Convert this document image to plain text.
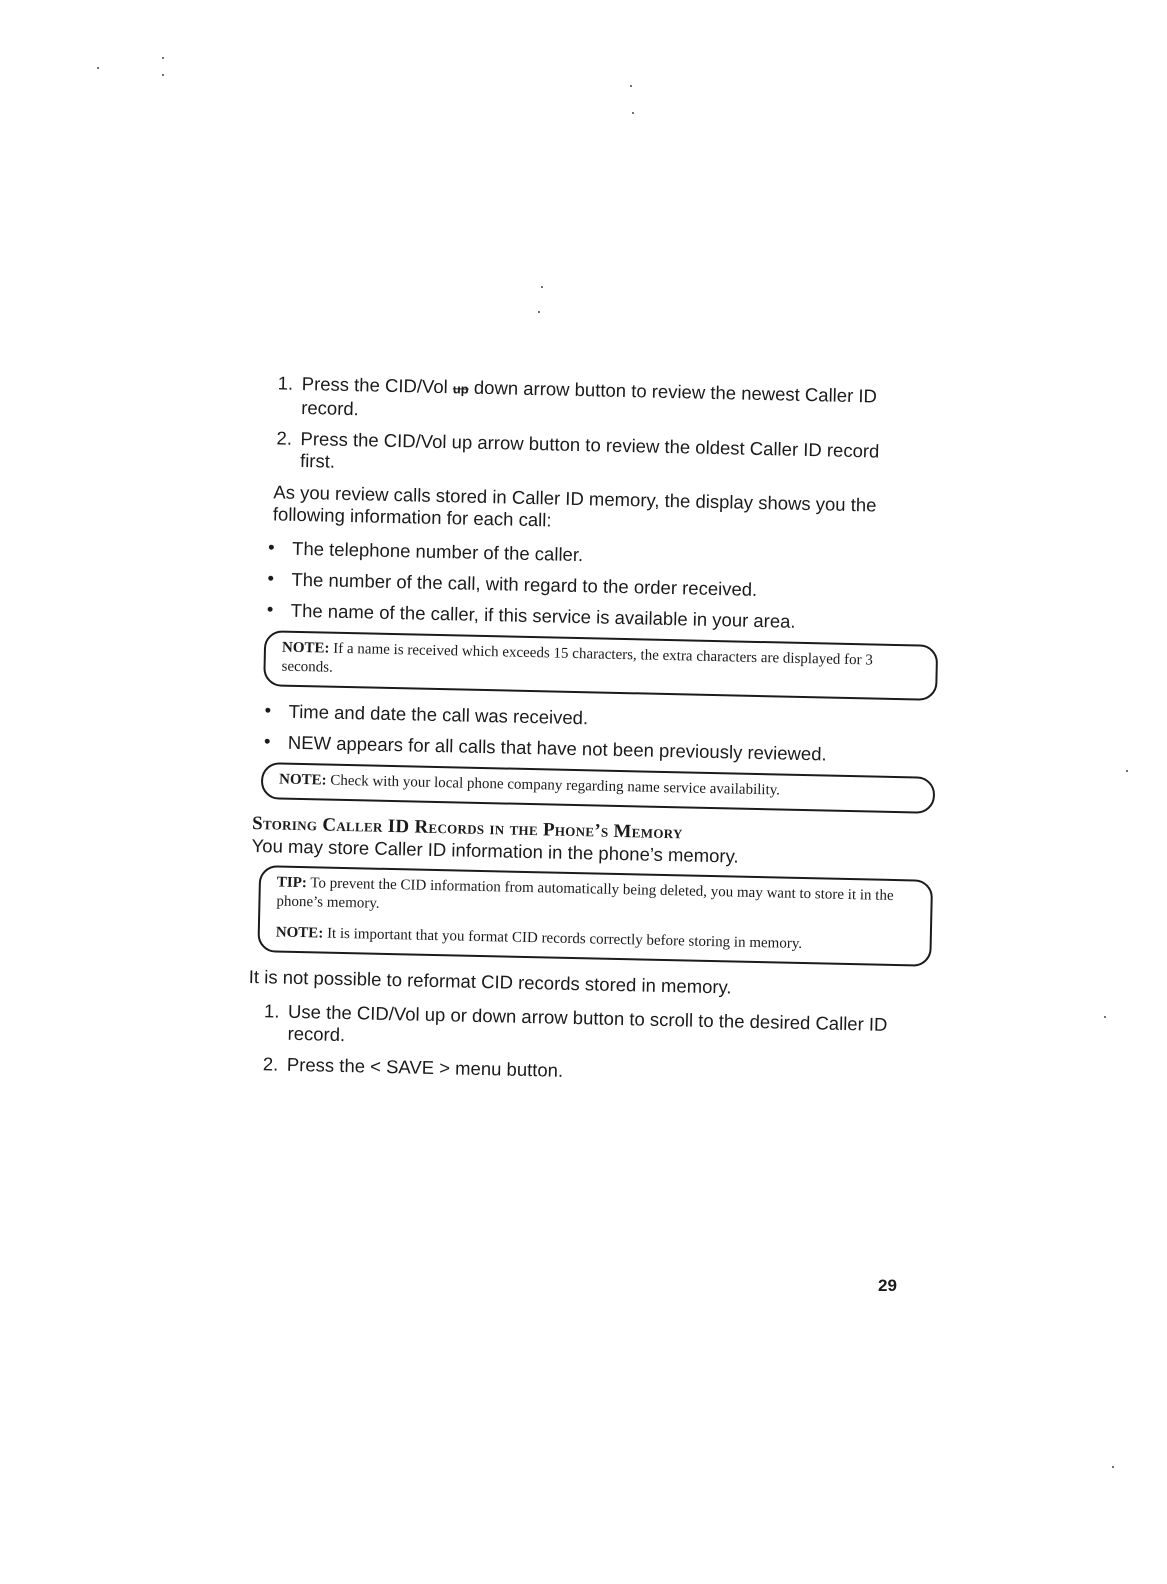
1. Press the CID/Vol up down arrow button to review the newest Caller ID record.
2. Press the CID/Vol up arrow button to review the oldest Caller ID record first.

As you review calls stored in Caller ID memory, the display shows you the following information for each call:

• The telephone number of the caller.
• The number of the call, with regard to the order received.
• The name of the caller, if this service is available in your area.

NOTE: If a name is received which exceeds 15 characters, the extra characters are displayed for 3 seconds.

• Time and date the call was received.
• NEW appears for all calls that have not been previously reviewed.

NOTE: Check with your local phone company regarding name service availability.

Storing Caller ID Records in the Phone’s Memory

You may store Caller ID information in the phone’s memory.

TIP: To prevent the CID information from automatically being deleted, you may want to store it in the phone’s memory.

NOTE: It is important that you format CID records correctly before storing in memory.

It is not possible to reformat CID records stored in memory.

1. Use the CID/Vol up or down arrow button to scroll to the desired Caller ID record.
2. Press the < SAVE > menu button.
29
